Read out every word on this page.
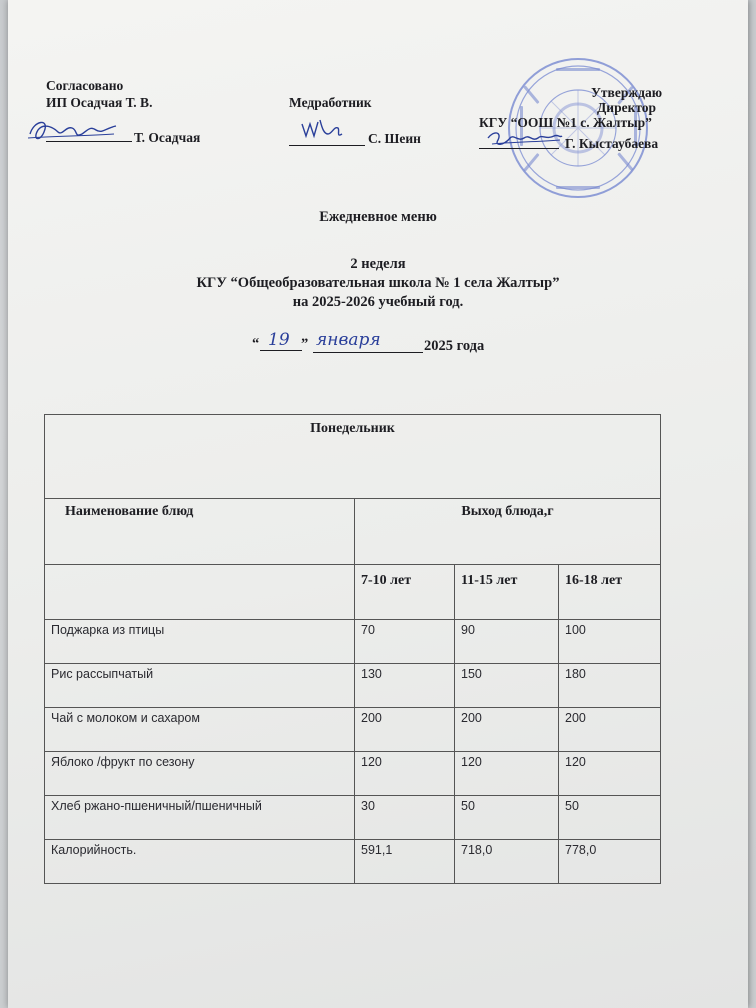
Согласовано
ИП Осадчая Т. В.
Т. Осадчая
Медработник
С. Шеин
Утверждаю
Директор
КГУ “ООШ №1 с. Жалтыр”
Г. Кыстаубаева
Ежедневное меню
2 неделя
КГУ “Общеобразовательная школа № 1 села Жалтыр”
на 2025-2026 учебный год.
“ 19 ” января	2025 года
Понедельник			
Наименование блюд	Выход блюда,г		
	7-10 лет	11-15 лет	16-18 лет
Поджарка из птицы	70	90	100
Рис рассыпчатый	130	150	180
Чай с молоком и сахаром	200	200	200
Яблоко /фрукт по сезону	120	120	120
Хлеб ржано-пшеничный/пшеничный	30	50	50
Калорийность.	591,1	718,0	778,0
